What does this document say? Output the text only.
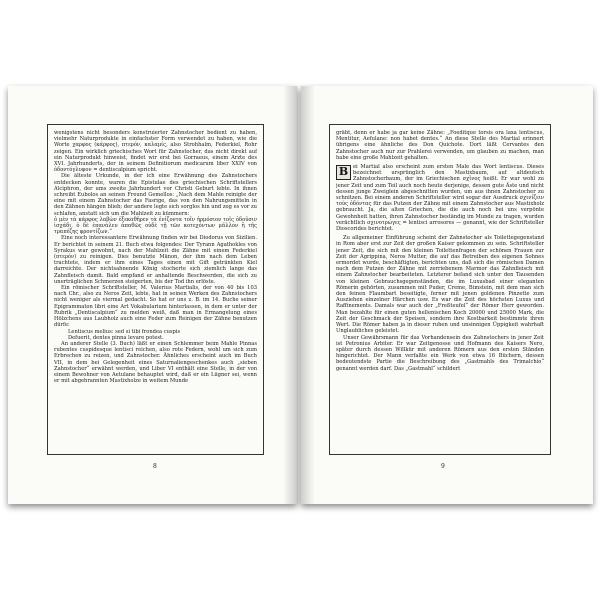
wenigstens nicht besonders konstruierter Zahnstocher bedient zu haben, vielmehr Naturprodukte in einfachster Form verwendet zu haben, wie die Worte χαρφος (κάρφος), πτερόν, καλαμίς, also Strohhalm, Federkiel, Rohr zeigen. Ein wirklich griechisches Wort für Zahnstocher, das nicht direkt auf ein Naturprodukt hinweist, findet wir erst bei Gorraeus, einem Arzte des XVI. Jahrhunderts, der in seinem Definitiorum medicarum liber XXIV von ὀδοντόγλυφον = dentiscalpium spricht.

Die älteste Urkunde, in der ich eine Erwähnung des Zahnstochers entdecken konnte, waren die Epistulae des griechischen Schriftstellers Alciphron, der ums zweite Jahrhundert vor Christi Geburt lebte. In ihnen schreibt Eubolos an seinen Freund Gemellos: „Nach dem Mahle reinigte der eine mit einem Zahnstocher das Fasrige, das von den Nahrungsmitteln in den Zähnen hängen blieb; der andere legte sich sorglos hin und zog es vor zu schlafen, anstatt sich um die Mahlzeit zu kümmern:

ὁ μὲν τὰ κάρφος λαβὼν ἐξεκαθῆρεν τὰ ἐνίζοντα τοῖν ἡρμόσιον τοῖς ὀδοῦσιν ἰσχάδι, ὁ δὲ ἐπανάλευ ἀπαθῶς οὐδὲ τῇ τῶν κοτεχόντων μᾶλλον ἢ τῆς τραπέζης φροντίζων.“

Eine noch interessantere Erwähnung finden wir bei Diodorus von Sizilien. Er berichtet in seinem 21. Buch etwa folgendes: Der Tyrann Agathokles von Syrakus war gewohnt, nach der Mahlzeit die Zähne mit einem Federkiel (πτερόν) zu reinigen. Dies benutzte Mänon, der ihm nach dem Leben trachtete, indem er ihm eines Tages einen mit Gift getränkten Kiel darreichte. Der nichtsahnende König stocherte sich ziemlich lange das Zahnfleisch damit. Bald empfand er anhaltende Beschwerden, die sich zu unerträglichen Schmerzen steigerten, bis der Tod ihn erlöste.

Ein römischer Schriftsteller, M. Valerius Martialis, der von 40 bis 103 nach Chr., also zu Neros Zeit, lebte, hat in seinen Werken des Zahnstochers nicht weniger als viermal gedacht. So hat er uns z. B. im 14. Buche seiner Epigrammaton libri eine Art Vokabularium hinterlassen, in dem er unter der Rubrik „Dentiscalpium“ zu melden weiß, daß man in Ermangelung eines Hölzchens aus Laubholz auch eine Feder zum Reinigen der Zähne benutzen dürfe:

Lentiscus melius: sed si tibi frondea cuspis

Defuerit, dentes pinna levare potest.

An anderer Stelle (3. Buch) läßt er einen Schlemmer beim Mahle Pinnas rubentes cuspidesque lentisci reichen, also rote Federn, wohl um sich zum Erbrechen zu reizen, und Zahnstocher. Ähnliches erscheint auch im Buch VII, in dem bei Gelegenheit eines Saturnaliengeschenkes auch „sieben Zahnstocher“ erwähnt werden, und Liber VI enthält eine Stelle, in der von einem Bewohner von Aetulane behauptet wird, daß er ein Lügner sei, wenn er mit abgebrannten Mastixholze in weitem Munde

8

gräbt, denn er habe ja gar keine Zähne: „Foeditque torsis ora laxa lentiscus, Mentitur, Aefulane: non habet dentes.“ An diese Stelle des Martial erinnert übrigens eine ähnliche des Don Quichote. Dort läßt Cervantes den Zahnstocher auch nur zur Prahlerei verwenden, um glauben zu machen, man habe eine große Mahlzeit gehalten.

B ei Martial also erscheint zum ersten Male das Wort lentiscus. Dieses bezeichnet ursprünglich den Mastixbaum, auf altdeutsch Zahnstocherbaum, der im Griechischen σχῖνος heißt. Er war wohl zu jener Zeit und zum Teil auch noch heute derjenige, dessen gute Äste und nicht dessen junge Zweiglein abgeschnitten wurden, um aus ihnen Zahnstocher zu schnitzen. Bei einem anderen Schriftsteller wird sogar der Ausdruck σχινίζειν τοὺς ὀδόντας für das Putzen der Zähne mit einem Zahnstocher aus Mastixholz gebraucht. Ja, die alten Griechen, die die auch noch bei uns verpönte Gewohnheit hatten, ihren Zahnstocher beständig im Munde zu tragen, wurden verächtlich σχινοτρώγες = lentisci arrosores — genannt, wie der Schriftsteller Dioscorides berichtet.

Zu allgemeiner Einführung scheint der Zahnstocher als Toilettegegenstand in Rom aber erst zur Zeit der großen Kaiser gekommen zu sein. Schriftsteller jener Zeit, die sich mit den kleinen Toilettenfragen der schönen Frauen zur Zeit der Agrippina, Neros Mutter, die auf das Betreiben des eigenen Sohnes ermordet wurde, beschäftigten, berichten uns, daß sich die römischen Damen nach dem Putzen der Zähne mit zerriebenem Marmor das Zahnfleisch mit einem Zahnstocher bearbeiteten. Letzterer befand sich unter den Tausenden von kleinen Gebrauchsgegenständen, die im Luxusbad einer eleganten Römerin gehörten, zusammen mit Puder, Creme, Bimstein, mit dem man sich den feinen Flaumbart beseitigte, ferner mit jenen goldenen Pinzette zum Ausziehen einzelner Härchen usw. Es war die Zeit des höchsten Luxus und Raffinements. Damals war auch der „Freßteufel“ der Römer Herr geworden. Man bezahlte für einen guten hellenischen Koch 20000 und 25000 Mark, die Zeit der Geschmack der Speisen, sondern ihre Kostbarkeit bestimmte ihren Wert. Die Römer haben ja in dieser ruhen und unsinnigen Üppigkeit wahrhaft Unglaubliches geleistet.

Unser Gewährsmann für das Vorhandensein des Zahnstochers in jener Zeit ist Petronius Arbiter. Er war Zeitgenosse und Hofmann des Kaisers Nero, später durch dessen Willkür mit anderen Römern aus den ersten Ständen hingerichtet. Der Mann verfaßte ein Werk von etwa 16 Büchern, dessen bedeutendste Partie die Beschreibung des „Gastmahls des Trimalchio“ genannt werden darf. Das „Gastmahl“ schildert

9
